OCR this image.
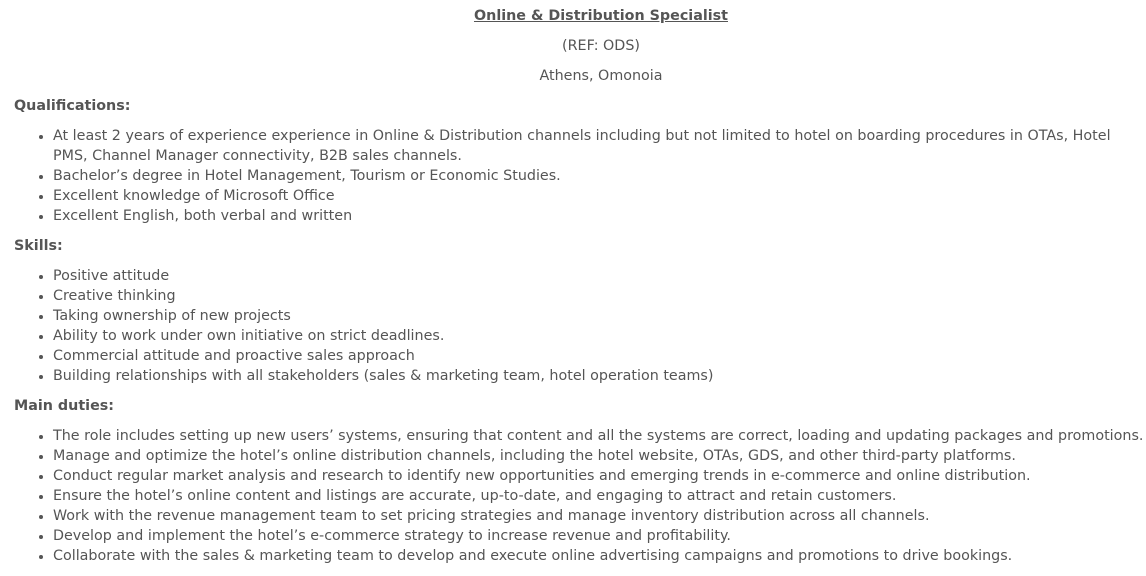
Online & Distribution Specialist
(REF: ODS)
Athens, Omonoia
Qualifications:
• At least 2 years of experience experience in Online & Distribution channels including but not limited to hotel on boarding procedures in OTAs, Hotel PMS, Channel Manager connectivity, B2B sales channels.
• Bachelor’s degree in Hotel Management, Tourism or Economic Studies.
• Excellent knowledge of Microsoft Office
• Excellent English, both verbal and written
Skills:
• Positive attitude
• Creative thinking
• Taking ownership of new projects
• Ability to work under own initiative on strict deadlines.
• Commercial attitude and proactive sales approach
• Building relationships with all stakeholders (sales & marketing team, hotel operation teams)
Main duties:
• The role includes setting up new users’ systems, ensuring that content and all the systems are correct, loading and updating packages and promotions.
• Manage and optimize the hotel’s online distribution channels, including the hotel website, OTAs, GDS, and other third-party platforms.
• Conduct regular market analysis and research to identify new opportunities and emerging trends in e-commerce and online distribution.
• Ensure the hotel’s online content and listings are accurate, up-to-date, and engaging to attract and retain customers.
• Work with the revenue management team to set pricing strategies and manage inventory distribution across all channels.
• Develop and implement the hotel’s e-commerce strategy to increase revenue and profitability.
• Collaborate with the sales & marketing team to develop and execute online advertising campaigns and promotions to drive bookings.
